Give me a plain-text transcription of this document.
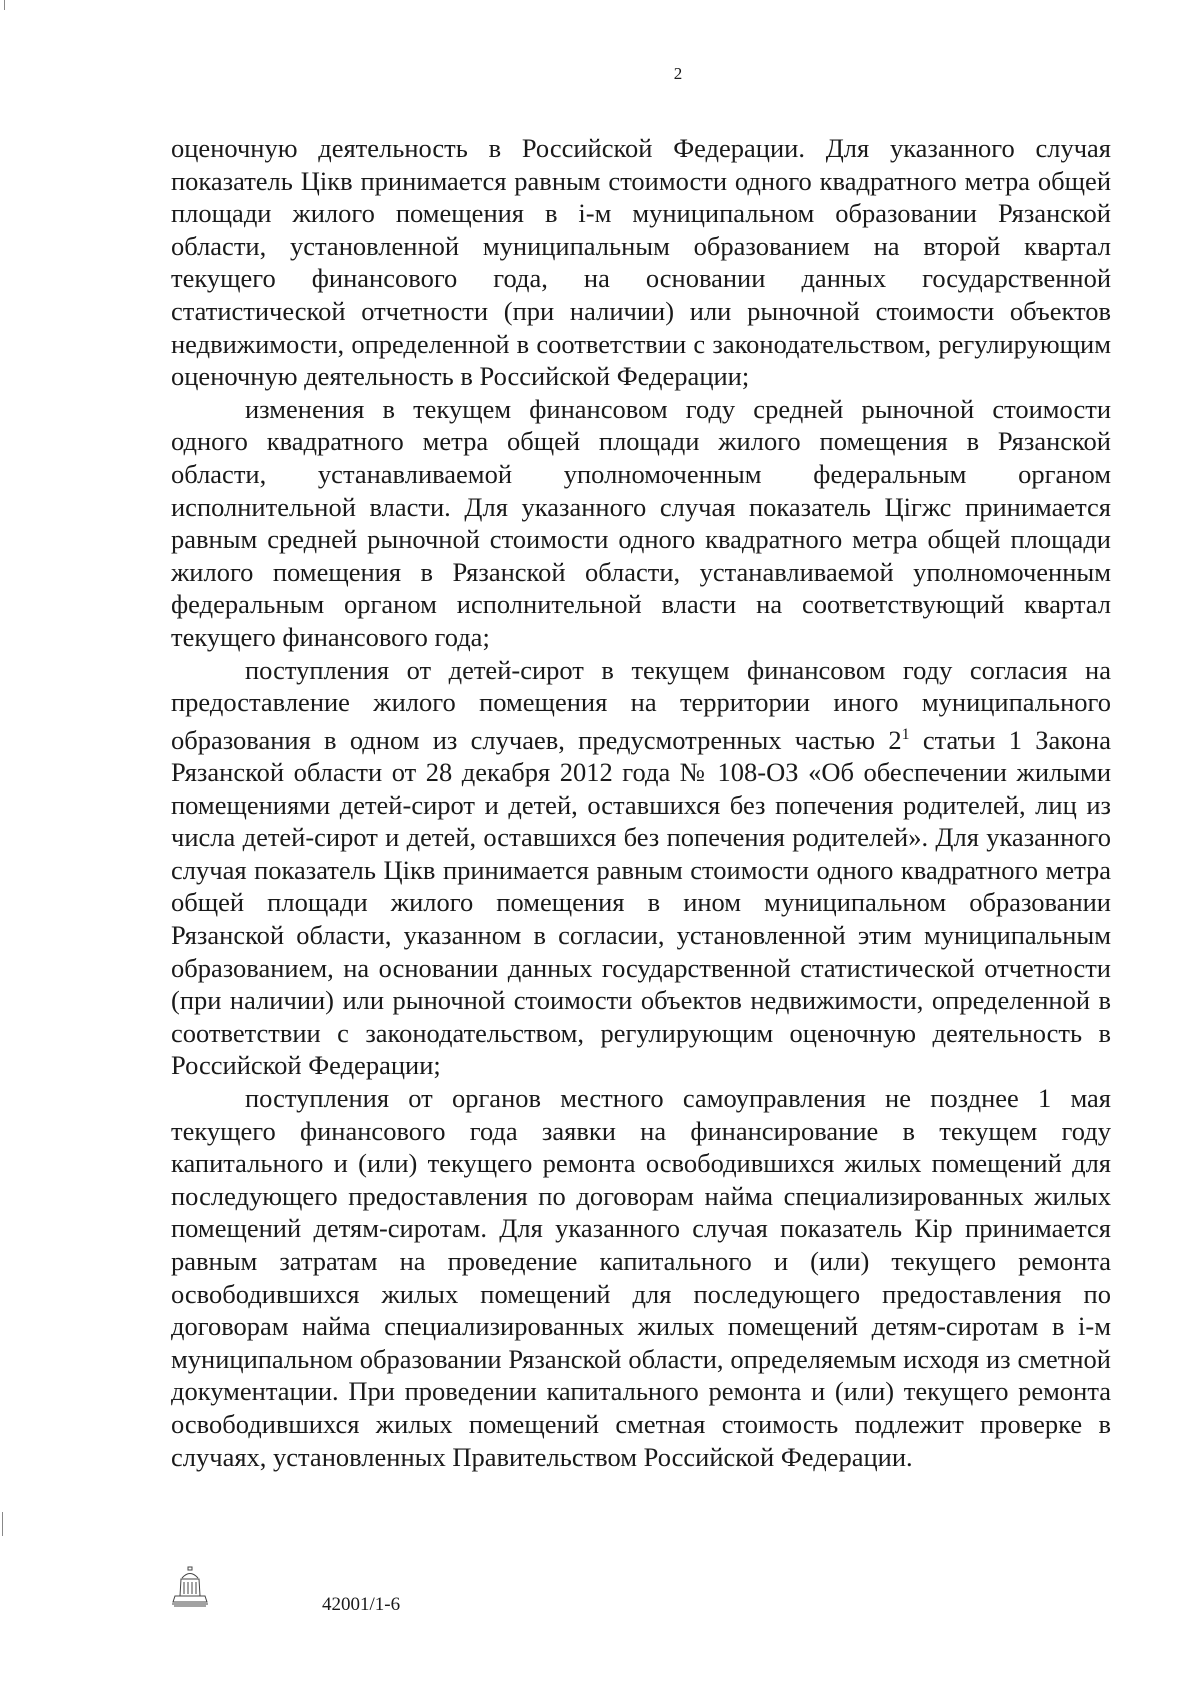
2

оценочную деятельность в Российской Федерации. Для указанного случая показатель Цікв принимается равным стоимости одного квадратного метра общей площади жилого помещения в і-м муниципальном образовании Рязанской области, установленной муниципальным образованием на второй квартал текущего финансового года, на основании данных государственной статистической отчетности (при наличии) или рыночной стоимости объектов недвижимости, определенной в соответствии с законодательством, регулирующим оценочную деятельность в Российской Федерации;

изменения в текущем финансовом году средней рыночной стоимости одного квадратного метра общей площади жилого помещения в Рязанской области, устанавливаемой уполномоченным федеральным органом исполнительной власти. Для указанного случая показатель Цігжс принимается равным средней рыночной стоимости одного квадратного метра общей площади жилого помещения в Рязанской области, устанавливаемой уполномоченным федеральным органом исполнительной власти на соответствующий квартал текущего финансового года;

поступления от детей-сирот в текущем финансовом году согласия на предоставление жилого помещения на территории иного муниципального образования в одном из случаев, предусмотренных частью $2^1$ статьи 1 Закона Рязанской области от 28 декабря 2012 года № 108-ОЗ «Об обеспечении жилыми помещениями детей-сирот и детей, оставшихся без попечения родителей, лиц из числа детей-сирот и детей, оставшихся без попечения родителей». Для указанного случая показатель Цікв принимается равным стоимости одного квадратного метра общей площади жилого помещения в ином муниципальном образовании Рязанской области, указанном в согласии, установленной этим муниципальным образованием, на основании данных государственной статистической отчетности (при наличии) или рыночной стоимости объектов недвижимости, определенной в соответствии с законодательством, регулирующим оценочную деятельность в Российской Федерации;

поступления от органов местного самоуправления не позднее 1 мая текущего финансового года заявки на финансирование в текущем году капитального и (или) текущего ремонта освободившихся жилых помещений для последующего предоставления по договорам найма специализированных жилых помещений детям-сиротам. Для указанного случая показатель Кір принимается равным затратам на проведение капитального и (или) текущего ремонта освободившихся жилых помещений для последующего предоставления по договорам найма специализированных жилых помещений детям-сиротам в і-м муниципальном образовании Рязанской области, определяемым исходя из сметной документации. При проведении капитального ремонта и (или) текущего ремонта освободившихся жилых помещений сметная стоимость подлежит проверке в случаях, установленных Правительством Российской Федерации.

42001/1-6
